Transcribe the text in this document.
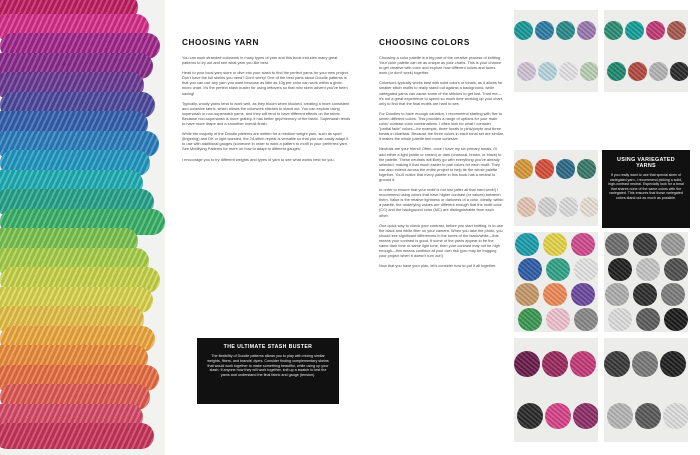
CHOOSING YARN

You can work stranded colorwork in many types of yarn and this book includes many great patterns to try out and see what yarn you like best.

Head to your local yarn store or dive into your stash to find the perfect yarns for your new project. Don't have the full skeins you need? Don't worry! One of the best parts about Doodle patterns is that you can use any yarn you want because as little as 10g per color can work within a given micro chart. It's the perfect stash buster for using leftovers so that mini skein advent you've been saving!

Typically, woolly yarns tend to work well, as they bloom when blocked, creating a more consistent and cohesive fabric, which allows the colorwork stitches to stand out. You can explore using superwash or non-superwash yarns, and they will tend to have different effects on the fabric. Because non-superwash is more grabby, it has better grip/memory of the fabric. Superwash tends to have more drape and a smoother overall finish.

While the majority of the Doodle patterns are written for a medium weight yarn, such as sport (fingering) and DK or light worsted, the 24-stitch repeat is versatile so that you can easily adapt it to use with additional gauges (someone in order to work a pattern to motif in your preferred yarn. See Modifying Patterns for more on how to adapt to different gauges.

I encourage you to try different weights and types of yarn to see what works best for you.

THE ULTIMATE STASH BUSTER

The flexibility of Doodle patterns allows you to play with mixing similar weights, fibers, and brands! dyers. Consider finding complementary skeins that would work together to make something beautiful, while using up your stash. If anyone how they will work together, knit up a swatch to test the yarns and understand the final fabric and gauge (tension).

CHOOSING COLORS

Choosing a color palette is a big part of the creative process of knitting. Your color palette can be as unique as your charts. This is your chance to get creative with color and explore how different colors and tones work (or don't work) together.

Colorwork typically works best with solid colors or tonals, as it allows for smaller stitch motifs to really stand out against a background, while variegated yarns can cause some of the stitches to get lost. Trust me—it's not a great experience to spend so much time working up your chart, only to find that the final motifs are hard to see.

For Doodles to have enough variation, I recommend starting with five to seven different colors. This provides a range of options for your main color/ contrast color combinations. I often look for what I consider "partial fade" colors—for example, three tonals in pink/purple and three tonals in blue/teal. Because the three colors in each tonal set are similar, it makes the whole palette feel more cohesive.

Neutrals are your friend! Often, once I have my six primary tonals, I'll add either a light (white or cream) or dark (charcoal, brown, or black) to the palette. These neutrals will likely go with everything you've already selected, making it that much easier to pair colors for each motif. They can also extend across the entire project to help tie the whole palette together. You'll notice that every palette in this book has a neutral to ground it.

In order to ensure that your motif is not lost (after all that hard work!) I recommend using colors that have higher contrast (or values) between them. Value is the relative lightness or darkness of a color. Ideally, within a palette, the underlying values are different enough that the motif color (CC) and the background color (MC) are distinguishable from each other.

One quick way to check your contrast, before you start knitting, is to use the black and white filter on your camera. When you take the photo, you should see significant differences in the tones of the black/white—this means your contrast is good. If some of the yarns appear to be the same dark tone or same light tone, then your contrast may not be high enough—this means continue at your own risk (you may be frogging your project when it doesn't turn out!).

Now that you have your plan, let's consider how to put it all together.

USING VARIEGATED YARNS

If you really want to use that special skein of variegated yarn, I recommend picking a solid, high-contrast neutral. Especially look for a tonal that shares none of the same colors with the variegated. This ensures that those variegated colors stand out as much as possible.
